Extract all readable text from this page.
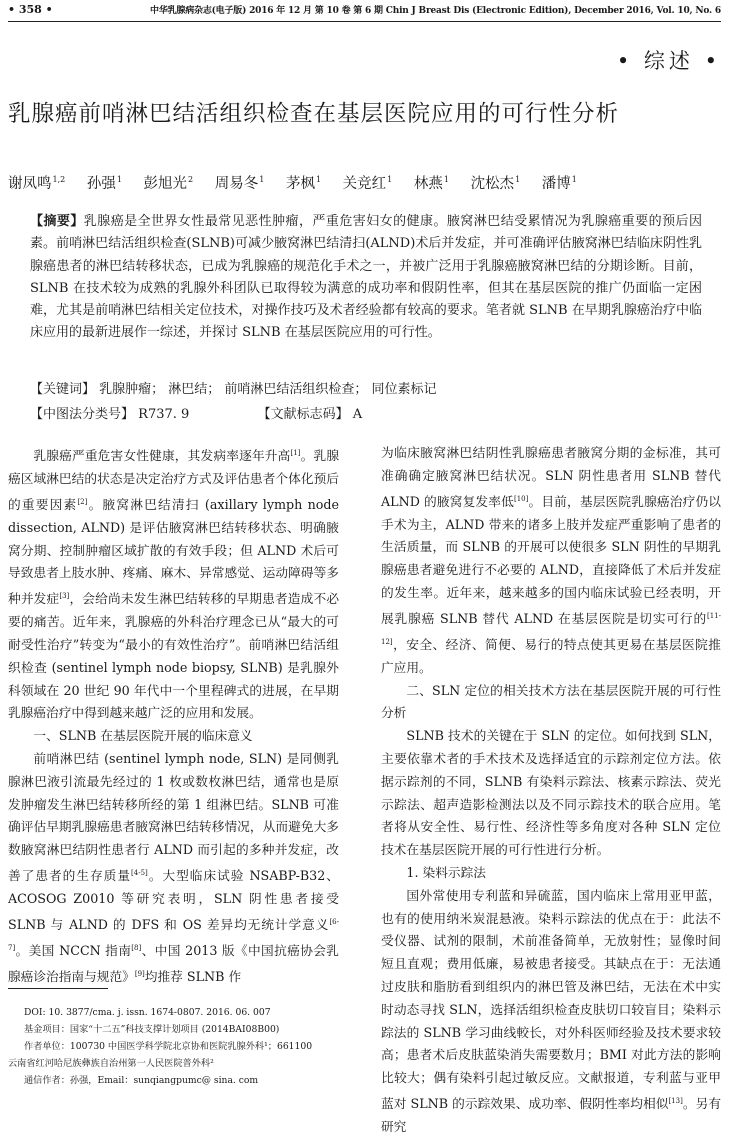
• 358 •	中华乳腺病杂志(电子版) 2016 年 12 月 第 10 卷 第 6 期 Chin J Breast Dis (Electronic Edition), December 2016, Vol. 10, No. 6
• 综述 •
乳腺癌前哨淋巴结活组织检查在基层医院应用的可行性分析
谢凤鸣$^{1,2}$ 孙强$^1$ 彭旭光$^2$ 周易冬$^1$ 茅枫$^1$ 关竞红$^1$ 林燕$^1$ 沈松杰$^1$ 潘博$^1$

【摘要】乳腺癌是全世界女性最常见恶性肿瘤，严重危害妇女的健康。腋窝淋巴结受累情况为乳腺癌重要的预后因素。前哨淋巴结活组织检查(SLNB)可减少腋窝淋巴结清扫(ALND)术后并发症，并可准确评估腋窝淋巴结临床阴性乳腺癌患者的淋巴结转移状态，已成为乳腺癌的规范化手术之一，并被广泛用于乳腺癌腋窝淋巴结的分期诊断。目前，SLNB 在技术较为成熟的乳腺外科团队已取得较为满意的成功率和假阴性率，但其在基层医院的推广仍面临一定困难，尤其是前哨淋巴结相关定位技术，对操作技巧及术者经验都有较高的要求。笔者就 SLNB 在早期乳腺癌治疗中临床应用的最新进展作一综述，并探讨 SLNB 在基层医院应用的可行性。

【关键词】 乳腺肿瘤； 淋巴结； 前哨淋巴结活组织检查； 同位素标记
【中图法分类号】 R737. 9	【文献标志码】 A

乳腺癌严重危害女性健康，其发病率逐年升高[1]。乳腺癌区域淋巴结的状态是决定治疗方式及评估患者个体化预后的重要因素[2]。腋窝淋巴结清扫 (axillary lymph node dissection, ALND) 是评估腋窝淋巴结转移状态、明确腋窝分期、控制肿瘤区域扩散的有效手段；但 ALND 术后可导致患者上肢水肿、疼痛、麻木、异常感觉、运动障碍等多种并发症[3]，会给尚未发生淋巴结转移的早期患者造成不必要的痛苦。近年来，乳腺癌的外科治疗理念已从“最大的可耐受性治疗”转变为“最小的有效性治疗”。前哨淋巴结活组织检查 (sentinel lymph node biopsy, SLNB) 是乳腺外科领域在 20 世纪 90 年代中一个里程碑式的进展，在早期乳腺癌治疗中得到越来越广泛的应用和发展。

一、SLNB 在基层医院开展的临床意义

前哨淋巴结 (sentinel lymph node, SLN) 是同侧乳腺淋巴液引流最先经过的 1 枚或数枚淋巴结，通常也是原发肿瘤发生淋巴结转移所经的第 1 组淋巴结。SLNB 可准确评估早期乳腺癌患者腋窝淋巴结转移情况，从而避免大多数腋窝淋巴结阴性患者行 ALND 而引起的多种并发症，改善了患者的生存质量[4-5]。大型临床试验 NSABP-B32、ACOSOG Z0010 等研究表明，SLN 阴性患者接受 SLNB 与 ALND 的 DFS 和 OS 差异均无统计学意义[6-7]。美国 NCCN 指南[8]、中国 2013 版《中国抗癌协会乳腺癌诊治指南与规范》[9]均推荐 SLNB 作

为临床腋窝淋巴结阴性乳腺癌患者腋窝分期的金标准，其可准确确定腋窝淋巴结状况。SLN 阴性患者用 SLNB 替代 ALND 的腋窝复发率低[10]。目前，基层医院乳腺癌治疗仍以手术为主，ALND 带来的诸多上肢并发症严重影响了患者的生活质量，而 SLNB 的开展可以使很多 SLN 阴性的早期乳腺癌患者避免进行不必要的 ALND，直接降低了术后并发症的发生率。近年来，越来越多的国内临床试验已经表明，开展乳腺癌 SLNB 替代 ALND 在基层医院是切实可行的[11-12]，安全、经济、简便、易行的特点使其更易在基层医院推广应用。

二、SLN 定位的相关技术方法在基层医院开展的可行性分析

SLNB 技术的关键在于 SLN 的定位。如何找到 SLN，主要依靠术者的手术技术及选择适宜的示踪剂定位方法。依据示踪剂的不同，SLNB 有染料示踪法、核素示踪法、荧光示踪法、超声造影检测法以及不同示踪技术的联合应用。笔者将从安全性、易行性、经济性等多角度对各种 SLN 定位技术在基层医院开展的可行性进行分析。

1. 染料示踪法

国外常使用专利蓝和异硫蓝，国内临床上常用亚甲蓝，也有的使用纳米炭混悬液。染料示踪法的优点在于：此法不受仪器、试剂的限制，术前准备简单，无放射性；显像时间短且直观；费用低廉，易被患者接受。其缺点在于：无法通过皮肤和脂肪看到组织内的淋巴管及淋巴结，无法在术中实时动态寻找 SLN，选择活组织检查皮肤切口较盲目；染料示踪法的 SLNB 学习曲线較长，对外科医师经验及技术要求较高；患者术后皮肤蓝染消失需要数月；BMI 对此方法的影响比较大；偶有染料引起过敏反应。文献报道，专利蓝与亚甲蓝对 SLNB 的示踪效果、成功率、假阴性率均相似[13]。另有研究

DOI: 10. 3877/cma. j. issn. 1674-0807. 2016. 06. 007
基金项目：国家“十二五”科技支撑计划项目 (2014BAI08B00)
作者单位：100730 中国医学科学院北京协和医院乳腺外科¹；661100
云南省红河哈尼族彝族自治州第一人民医院普外科²
通信作者：孙强，Email：sunqiangpumc@ sina. com
